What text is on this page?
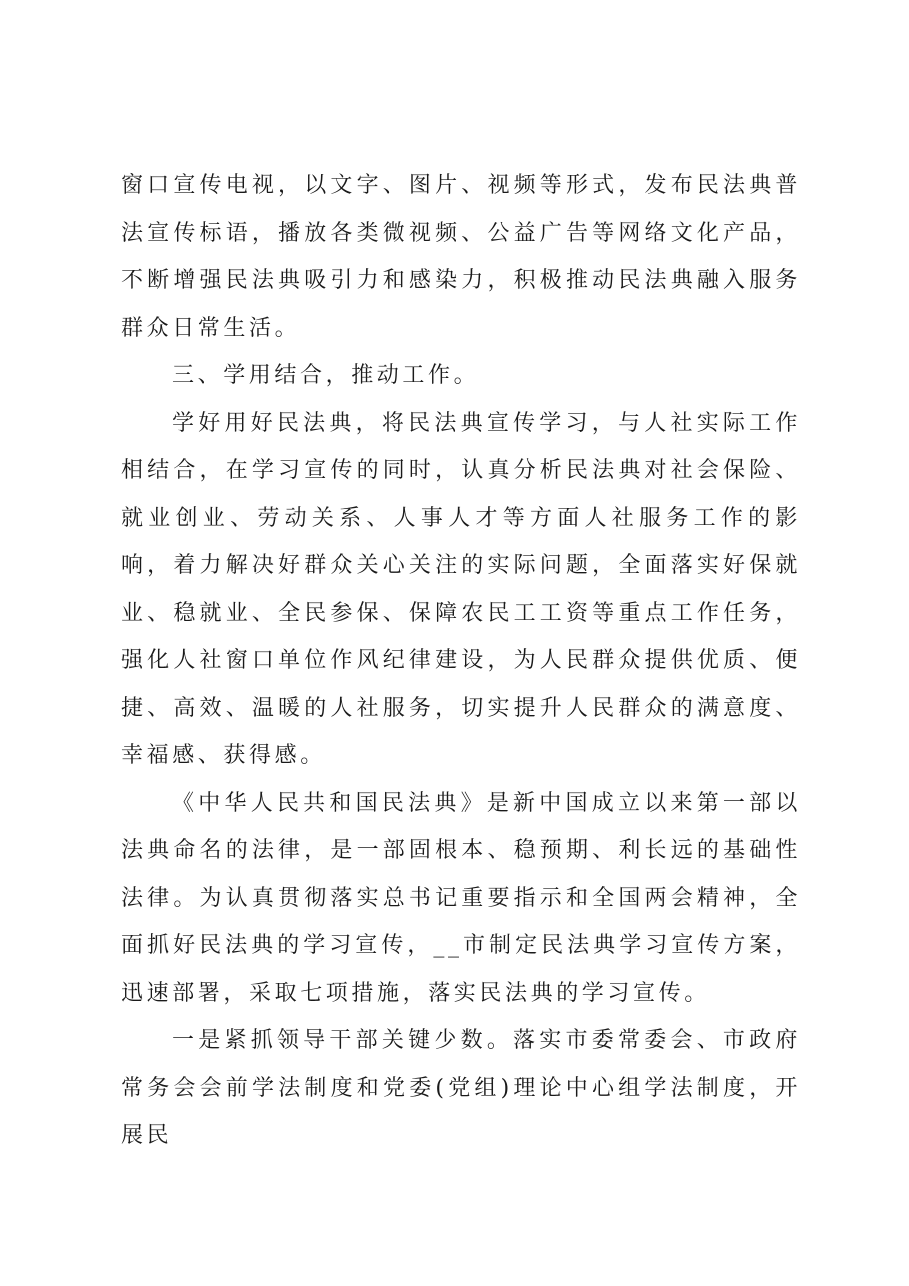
窗口宣传电视，以文字、图片、视频等形式，发布民法典普法宣传标语，播放各类微视频、公益广告等网络文化产品，不断增强民法典吸引力和感染力，积极推动民法典融入服务群众日常生活。

三、学用结合，推动工作。

学好用好民法典，将民法典宣传学习，与人社实际工作相结合，在学习宣传的同时，认真分析民法典对社会保险、就业创业、劳动关系、人事人才等方面人社服务工作的影响，着力解决好群众关心关注的实际问题，全面落实好保就业、稳就业、全民参保、保障农民工工资等重点工作任务，强化人社窗口单位作风纪律建设，为人民群众提供优质、便捷、高效、温暖的人社服务，切实提升人民群众的满意度、幸福感、获得感。

《中华人民共和国民法典》是新中国成立以来第一部以法典命名的法律，是一部固根本、稳预期、利长远的基础性法律。为认真贯彻落实总书记重要指示和全国两会精神，全面抓好民法典的学习宣传，__市制定民法典学习宣传方案，迅速部署，采取七项措施，落实民法典的学习宣传。

一是紧抓领导干部关键少数。落实市委常委会、市政府常务会会前学法制度和党委(党组)理论中心组学法制度，开展民
